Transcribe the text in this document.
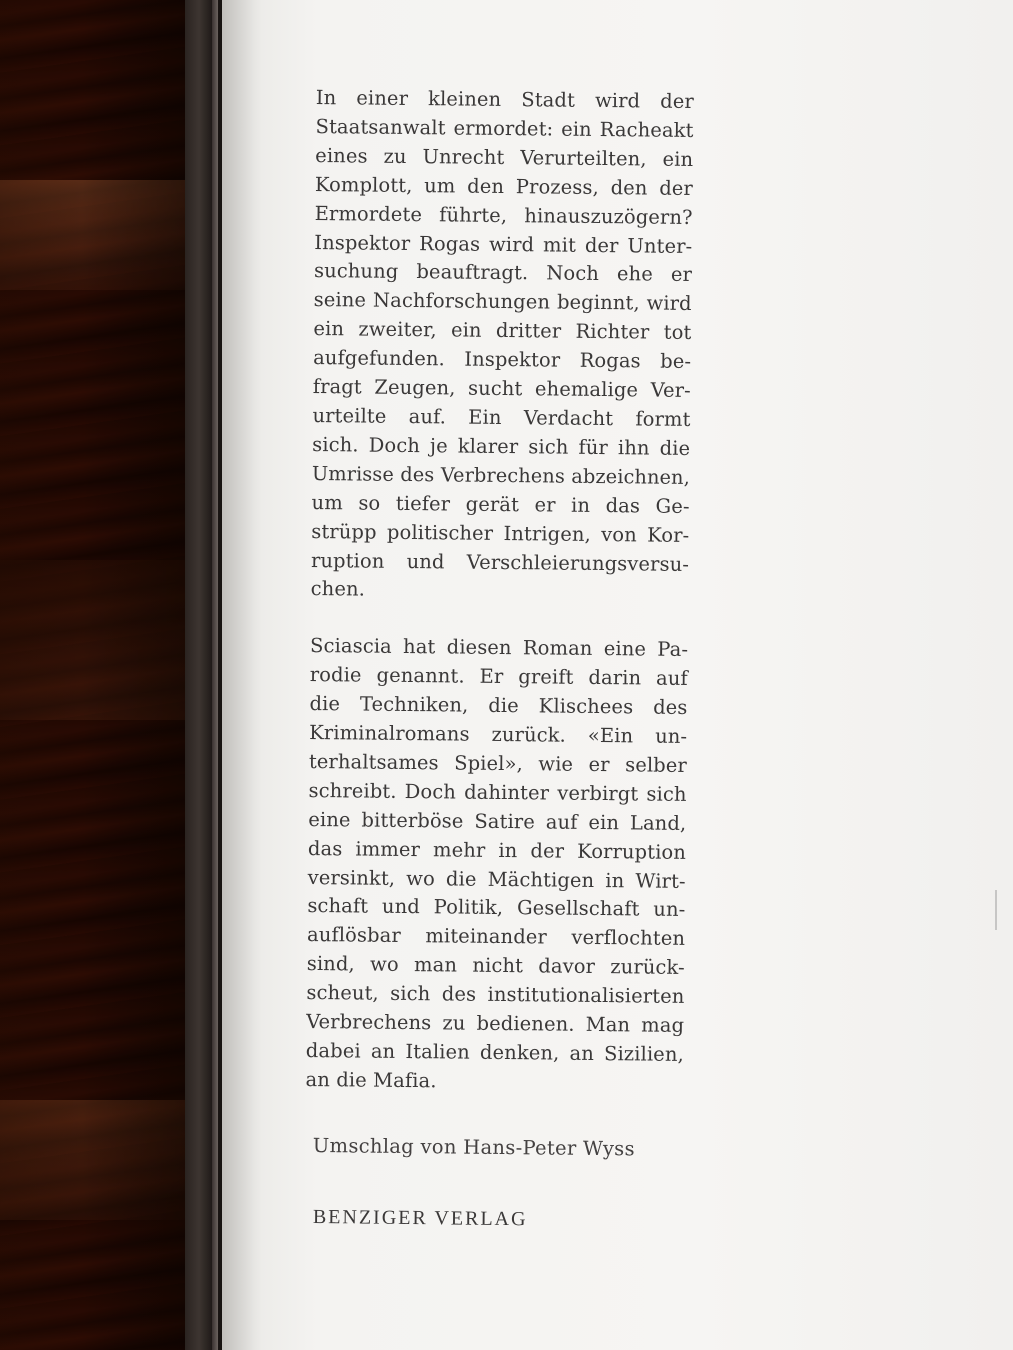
In einer kleinen Stadt wird der
Staatsanwalt ermordet: ein Racheakt
eines zu Unrecht Verurteilten, ein
Komplott, um den Prozess, den der
Ermordete führte, hinauszuzögern?
Inspektor Rogas wird mit der Unter-
suchung beauftragt. Noch ehe er
seine Nachforschungen beginnt, wird
ein zweiter, ein dritter Richter tot
aufgefunden. Inspektor Rogas be-
fragt Zeugen, sucht ehemalige Ver-
urteilte auf. Ein Verdacht formt
sich. Doch je klarer sich für ihn die
Umrisse des Verbrechens abzeichnen,
um so tiefer gerät er in das Ge-
strüpp politischer Intrigen, von Kor-
ruption und Verschleierungsversu-
chen.
Sciascia hat diesen Roman eine Pa-
rodie genannt. Er greift darin auf
die Techniken, die Klischees des
Kriminalromans zurück. «Ein un-
terhaltsames Spiel», wie er selber
schreibt. Doch dahinter verbirgt sich
eine bitterböse Satire auf ein Land,
das immer mehr in der Korruption
versinkt, wo die Mächtigen in Wirt-
schaft und Politik, Gesellschaft un-
auflösbar miteinander verflochten
sind, wo man nicht davor zurück-
scheut, sich des institutionalisierten
Verbrechens zu bedienen. Man mag
dabei an Italien denken, an Sizilien,
an die Mafia.
Umschlag von Hans-Peter Wyss
BENZIGER VERLAG
